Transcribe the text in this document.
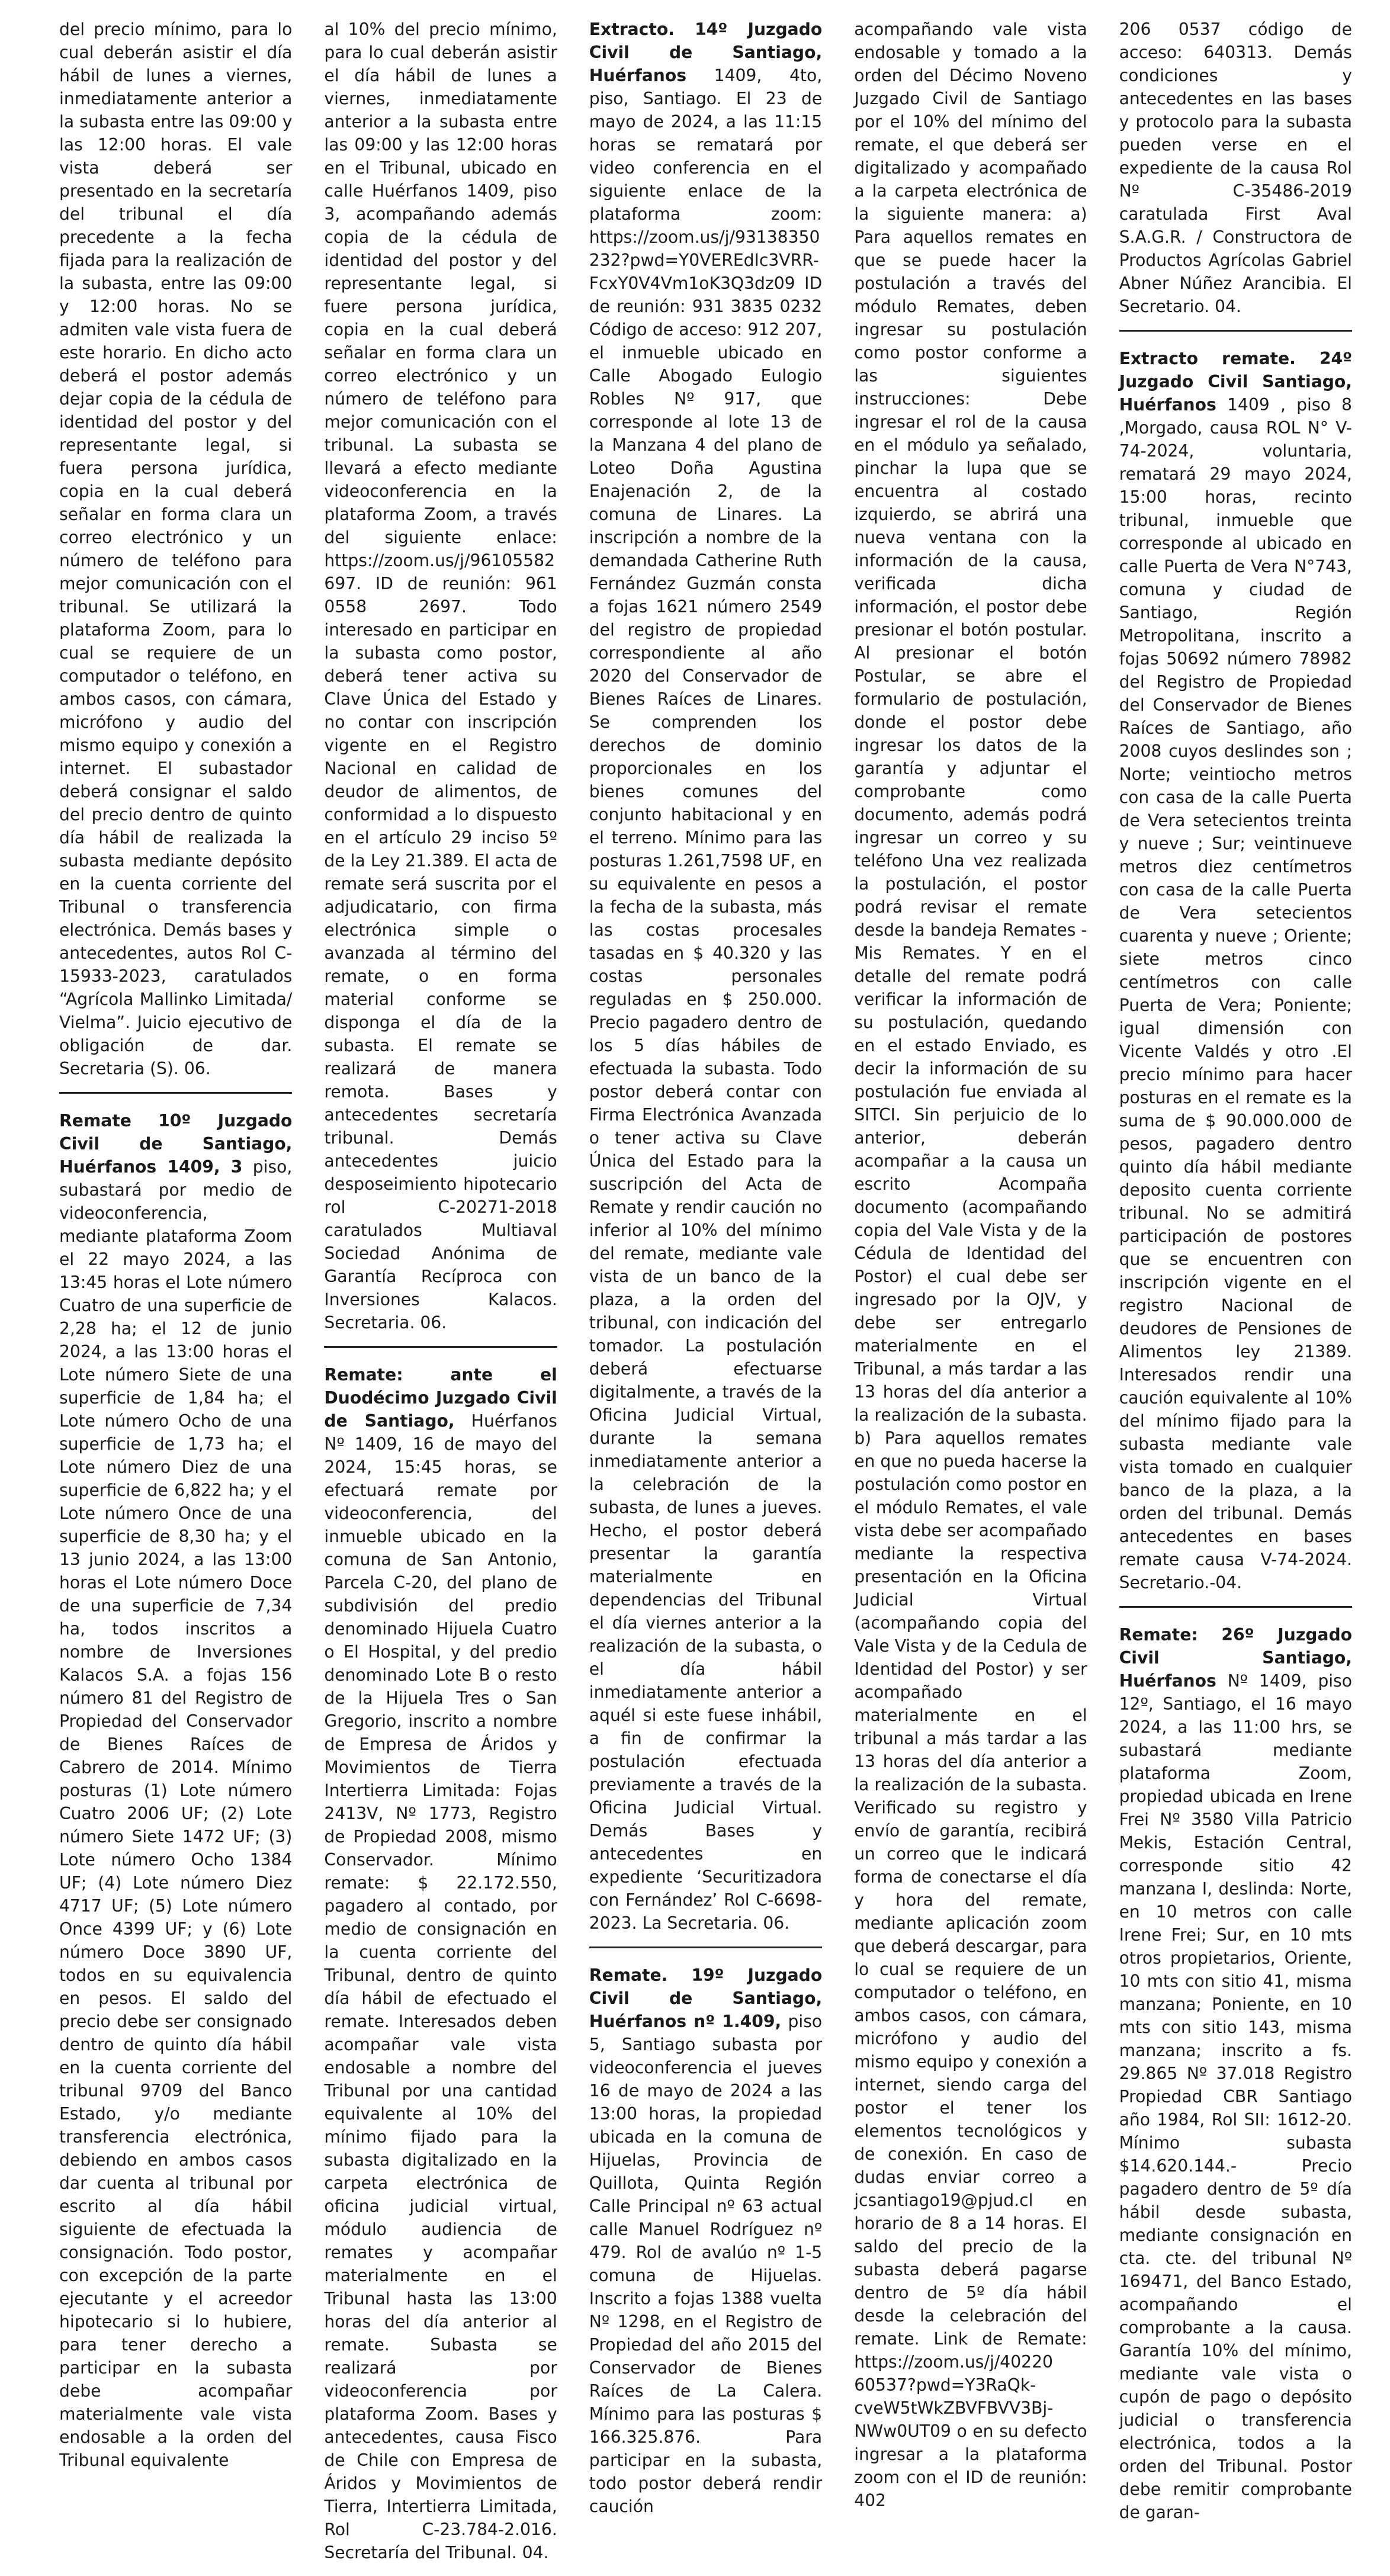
del precio mínimo, para lo cual deberán asistir el día hábil de lunes a viernes, inmediatamente anterior a la subasta entre las 09:00 y las 12:00 horas. El vale vista deberá ser presentado en la secretaría del tribunal el día precedente a la fecha fijada para la realización de la subasta, entre las 09:00 y 12:00 horas. No se admiten vale vista fuera de este horario. En dicho acto deberá el postor además dejar copia de la cédula de identidad del postor y del representante legal, si fuera persona jurídica, copia en la cual deberá señalar en forma clara un correo electrónico y un número de teléfono para mejor comunicación con el tribunal. Se utilizará la plataforma Zoom, para lo cual se requiere de un computador o teléfono, en ambos casos, con cámara, micrófono y audio del mismo equipo y conexión a internet. El subastador deberá consignar el saldo del precio dentro de quinto día hábil de realizada la subasta mediante depósito en la cuenta corriente del Tribunal o transferencia electrónica. Demás bases y antecedentes, autos Rol C-15933-2023, caratulados “Agrícola Mallinko Limitada/ Vielma”. Juicio ejecutivo de obligación de dar. Secretaria (S). 06.

Remate 10º Juzgado Civil de Santiago, Huérfanos 1409, 3 piso, subastará por medio de videoconferencia, mediante plataforma Zoom el 22 mayo 2024, a las 13:45 horas el Lote número Cuatro de una superficie de 2,28 ha; el 12 de junio 2024, a las 13:00 horas el Lote número Siete de una superficie de 1,84 ha; el Lote número Ocho de una superficie de 1,73 ha; el Lote número Diez de una superficie de 6,822 ha; y el Lote número Once de una superficie de 8,30 ha; y el 13 junio 2024, a las 13:00 horas el Lote número Doce de una superficie de 7,34 ha, todos inscritos a nombre de Inversiones Kalacos S.A. a fojas 156 número 81 del Registro de Propiedad del Conservador de Bienes Raíces de Cabrero de 2014. Mínimo posturas (1) Lote número Cuatro 2006 UF; (2) Lote número Siete 1472 UF; (3) Lote número Ocho 1384 UF; (4) Lote número Diez 4717 UF; (5) Lote número Once 4399 UF; y (6) Lote número Doce 3890 UF, todos en su equivalencia en pesos. El saldo del precio debe ser consignado dentro de quinto día hábil en la cuenta corriente del tribunal 9709 del Banco Estado, y/o mediante transferencia electrónica, debiendo en ambos casos dar cuenta al tribunal por escrito al día hábil siguiente de efectuada la consignación. Todo postor, con excepción de la parte ejecutante y el acreedor hipotecario si lo hubiere, para tener derecho a participar en la subasta debe acompañar materialmente vale vista endosable a la orden del Tribunal equivalente

al 10% del precio mínimo, para lo cual deberán asistir el día hábil de lunes a viernes, inmediatamente anterior a la subasta entre las 09:00 y las 12:00 horas en el Tribunal, ubicado en calle Huérfanos 1409, piso 3, acompañando además copia de la cédula de identidad del postor y del representante legal, si fuere persona jurídica, copia en la cual deberá señalar en forma clara un correo electrónico y un número de teléfono para mejor comunicación con el tribunal. La subasta se llevará a efecto mediante videoconferencia en la plataforma Zoom, a través del siguiente enlace: https://zoom.us/j/96105582697. ID de reunión: 961 0558 2697. Todo interesado en participar en la subasta como postor, deberá tener activa su Clave Única del Estado y no contar con inscripción vigente en el Registro Nacional en calidad de deudor de alimentos, de conformidad a lo dispuesto en el artículo 29 inciso 5º de la Ley 21.389. El acta de remate será suscrita por el adjudicatario, con firma electrónica simple o avanzada al término del remate, o en forma material conforme se disponga el día de la subasta. El remate se realizará de manera remota. Bases y antecedentes secretaría tribunal. Demás antecedentes juicio desposeimiento hipotecario rol C-20271-2018 caratulados Multiaval Sociedad Anónima de Garantía Recíproca con Inversiones Kalacos. Secretaria. 06.

Remate: ante el Duodécimo Juzgado Civil de Santiago, Huérfanos Nº 1409, 16 de mayo del 2024, 15:45 horas, se efectuará remate por videoconferencia, del inmueble ubicado en la comuna de San Antonio, Parcela C-20, del plano de subdivisión del predio denominado Hijuela Cuatro o El Hospital, y del predio denominado Lote B o resto de la Hijuela Tres o San Gregorio, inscrito a nombre de Empresa de Áridos y Movimientos de Tierra Intertierra Limitada: Fojas 2413V, Nº 1773, Registro de Propiedad 2008, mismo Conservador. Mínimo remate: $ 22.172.550, pagadero al contado, por medio de consignación en la cuenta corriente del Tribunal, dentro de quinto día hábil de efectuado el remate. Interesados deben acompañar vale vista endosable a nombre del Tribunal por una cantidad equivalente al 10% del mínimo fijado para la subasta digitalizado en la carpeta electrónica de oficina judicial virtual, módulo audiencia de remates y acompañar materialmente en el Tribunal hasta las 13:00 horas del día anterior al remate. Subasta se realizará por videoconferencia por plataforma Zoom. Bases y antecedentes, causa Fisco de Chile con Empresa de Áridos y Movimientos de Tierra, Intertierra Limitada, Rol C-23.784-2.016. Secretaría del Tribunal. 04.

Extracto. 14º Juzgado Civil de Santiago, Huérfanos 1409, 4to, piso, Santiago. El 23 de mayo de 2024, a las 11:15 horas se rematará por video conferencia en el siguiente enlace de la plataforma zoom: https://zoom.us/j/93138350232?pwd=Y0VEREdIc3VRR-FcxY0V4Vm1oK3Q3dz09 ID de reunión: 931 3835 0232 Código de acceso: 912 207, el inmueble ubicado en Calle Abogado Eulogio Robles Nº 917, que corresponde al lote 13 de la Manzana 4 del plano de Loteo Doña Agustina Enajenación 2, de la comuna de Linares. La inscripción a nombre de la demandada Catherine Ruth Fernández Guzmán consta a fojas 1621 número 2549 del registro de propiedad correspondiente al año 2020 del Conservador de Bienes Raíces de Linares. Se comprenden los derechos de dominio proporcionales en los bienes comunes del conjunto habitacional y en el terreno. Mínimo para las posturas 1.261,7598 UF, en su equivalente en pesos a la fecha de la subasta, más las costas procesales tasadas en $ 40.320 y las costas personales reguladas en $ 250.000. Precio pagadero dentro de los 5 días hábiles de efectuada la subasta. Todo postor deberá contar con Firma Electrónica Avanzada o tener activa su Clave Única del Estado para la suscripción del Acta de Remate y rendir caución no inferior al 10% del mínimo del remate, mediante vale vista de un banco de la plaza, a la orden del tribunal, con indicación del tomador. La postulación deberá efectuarse digitalmente, a través de la Oficina Judicial Virtual, durante la semana inmediatamente anterior a la celebración de la subasta, de lunes a jueves. Hecho, el postor deberá presentar la garantía materialmente en dependencias del Tribunal el día viernes anterior a la realización de la subasta, o el día hábil inmediatamente anterior a aquél si este fuese inhábil, a fin de confirmar la postulación efectuada previamente a través de la Oficina Judicial Virtual. Demás Bases y antecedentes en expediente ‘Securitizadora con Fernández’ Rol C-6698-2023. La Secretaria. 06.

Remate. 19º Juzgado Civil de Santiago, Huérfanos nº 1.409, piso 5, Santiago subasta por videoconferencia el jueves 16 de mayo de 2024 a las 13:00 horas, la propiedad ubicada en la comuna de Hijuelas, Provincia de Quillota, Quinta Región Calle Principal nº 63 actual calle Manuel Rodríguez nº 479. Rol de avalúo nº 1-5 comuna de Hijuelas. Inscrito a fojas 1388 vuelta Nº 1298, en el Registro de Propiedad del año 2015 del Conservador de Bienes Raíces de La Calera. Mínimo para las posturas $ 166.325.876. Para participar en la subasta, todo postor deberá rendir caución

acompañando vale vista endosable y tomado a la orden del Décimo Noveno Juzgado Civil de Santiago por el 10% del mínimo del remate, el que deberá ser digitalizado y acompañado a la carpeta electrónica de la siguiente manera: a) Para aquellos remates en que se puede hacer la postulación a través del módulo Remates, deben ingresar su postulación como postor conforme a las siguientes instrucciones: Debe ingresar el rol de la causa en el módulo ya señalado, pinchar la lupa que se encuentra al costado izquierdo, se abrirá una nueva ventana con la información de la causa, verificada dicha información, el postor debe presionar el botón postular. Al presionar el botón Postular, se abre el formulario de postulación, donde el postor debe ingresar los datos de la garantía y adjuntar el comprobante como documento, además podrá ingresar un correo y su teléfono Una vez realizada la postulación, el postor podrá revisar el remate desde la bandeja Remates - Mis Remates. Y en el detalle del remate podrá verificar la información de su postulación, quedando en el estado Enviado, es decir la información de su postulación fue enviada al SITCI. Sin perjuicio de lo anterior, deberán acompañar a la causa un escrito Acompaña documento (acompañando copia del Vale Vista y de la Cédula de Identidad del Postor) el cual debe ser ingresado por la OJV, y debe ser entregarlo materialmente en el Tribunal, a más tardar a las 13 horas del día anterior a la realización de la subasta. b) Para aquellos remates en que no pueda hacerse la postulación como postor en el módulo Remates, el vale vista debe ser acompañado mediante la respectiva presentación en la Oficina Judicial Virtual (acompañando copia del Vale Vista y de la Cedula de Identidad del Postor) y ser acompañado materialmente en el tribunal a más tardar a las 13 horas del día anterior a la realización de la subasta. Verificado su registro y envío de garantía, recibirá un correo que le indicará forma de conectarse el día y hora del remate, mediante aplicación zoom que deberá descargar, para lo cual se requiere de un computador o teléfono, en ambos casos, con cámara, micrófono y audio del mismo equipo y conexión a internet, siendo carga del postor el tener los elementos tecnológicos y de conexión. En caso de dudas enviar correo a jcsantiago19@pjud.cl en horario de 8 a 14 horas. El saldo del precio de la subasta deberá pagarse dentro de 5º día hábil desde la celebración del remate. Link de Remate: https://zoom.us/j/40220 60537?pwd=Y3RaQk-cveW5tWkZBVFBVV3Bj-NWw0UT09 o en su defecto ingresar a la plataforma zoom con el ID de reunión: 402

206 0537 código de acceso: 640313. Demás condiciones y antecedentes en las bases y protocolo para la subasta pueden verse en el expediente de la causa Rol Nº C-35486-2019 caratulada First Aval S.A.G.R. / Constructora de Productos Agrícolas Gabriel Abner Núñez Arancibia. El Secretario. 04.

Extracto remate. 24º Juzgado Civil Santiago, Huérfanos 1409 , piso 8 ,Morgado, causa ROL N° V-74-2024, voluntaria, rematará 29 mayo 2024, 15:00 horas, recinto tribunal, inmueble que corresponde al ubicado en calle Puerta de Vera N°743, comuna y ciudad de Santiago, Región Metropolitana, inscrito a fojas 50692 número 78982 del Registro de Propiedad del Conservador de Bienes Raíces de Santiago, año 2008 cuyos deslindes son ; Norte; veintiocho metros con casa de la calle Puerta de Vera setecientos treinta y nueve ; Sur; veintinueve metros diez centímetros con casa de la calle Puerta de Vera setecientos cuarenta y nueve ; Oriente; siete metros cinco centímetros con calle Puerta de Vera; Poniente; igual dimensión con Vicente Valdés y otro .El precio mínimo para hacer posturas en el remate es la suma de $ 90.000.000 de pesos, pagadero dentro quinto día hábil mediante deposito cuenta corriente tribunal. No se admitirá participación de postores que se encuentren con inscripción vigente en el registro Nacional de deudores de Pensiones de Alimentos ley 21389. Interesados rendir una caución equivalente al 10% del mínimo fijado para la subasta mediante vale vista tomado en cualquier banco de la plaza, a la orden del tribunal. Demás antecedentes en bases remate causa V-74-2024. Secretario.-04.

Remate: 26º Juzgado Civil Santiago, Huérfanos Nº 1409, piso 12º, Santiago, el 16 mayo 2024, a las 11:00 hrs, se subastará mediante plataforma Zoom, propiedad ubicada en Irene Frei Nº 3580 Villa Patricio Mekis, Estación Central, corresponde sitio 42 manzana I, deslinda: Norte, en 10 metros con calle Irene Frei; Sur, en 10 mts otros propietarios, Oriente, 10 mts con sitio 41, misma manzana; Poniente, en 10 mts con sitio 143, misma manzana; inscrito a fs. 29.865 Nº 37.018 Registro Propiedad CBR Santiago año 1984, Rol SII: 1612-20. Mínimo subasta $14.620.144.- Precio pagadero dentro de 5º día hábil desde subasta, mediante consignación en cta. cte. del tribunal Nº 169471, del Banco Estado, acompañando el comprobante a la causa. Garantía 10% del mínimo, mediante vale vista o cupón de pago o depósito judicial o transferencia electrónica, todos a la orden del Tribunal. Postor debe remitir comprobante de garan-
